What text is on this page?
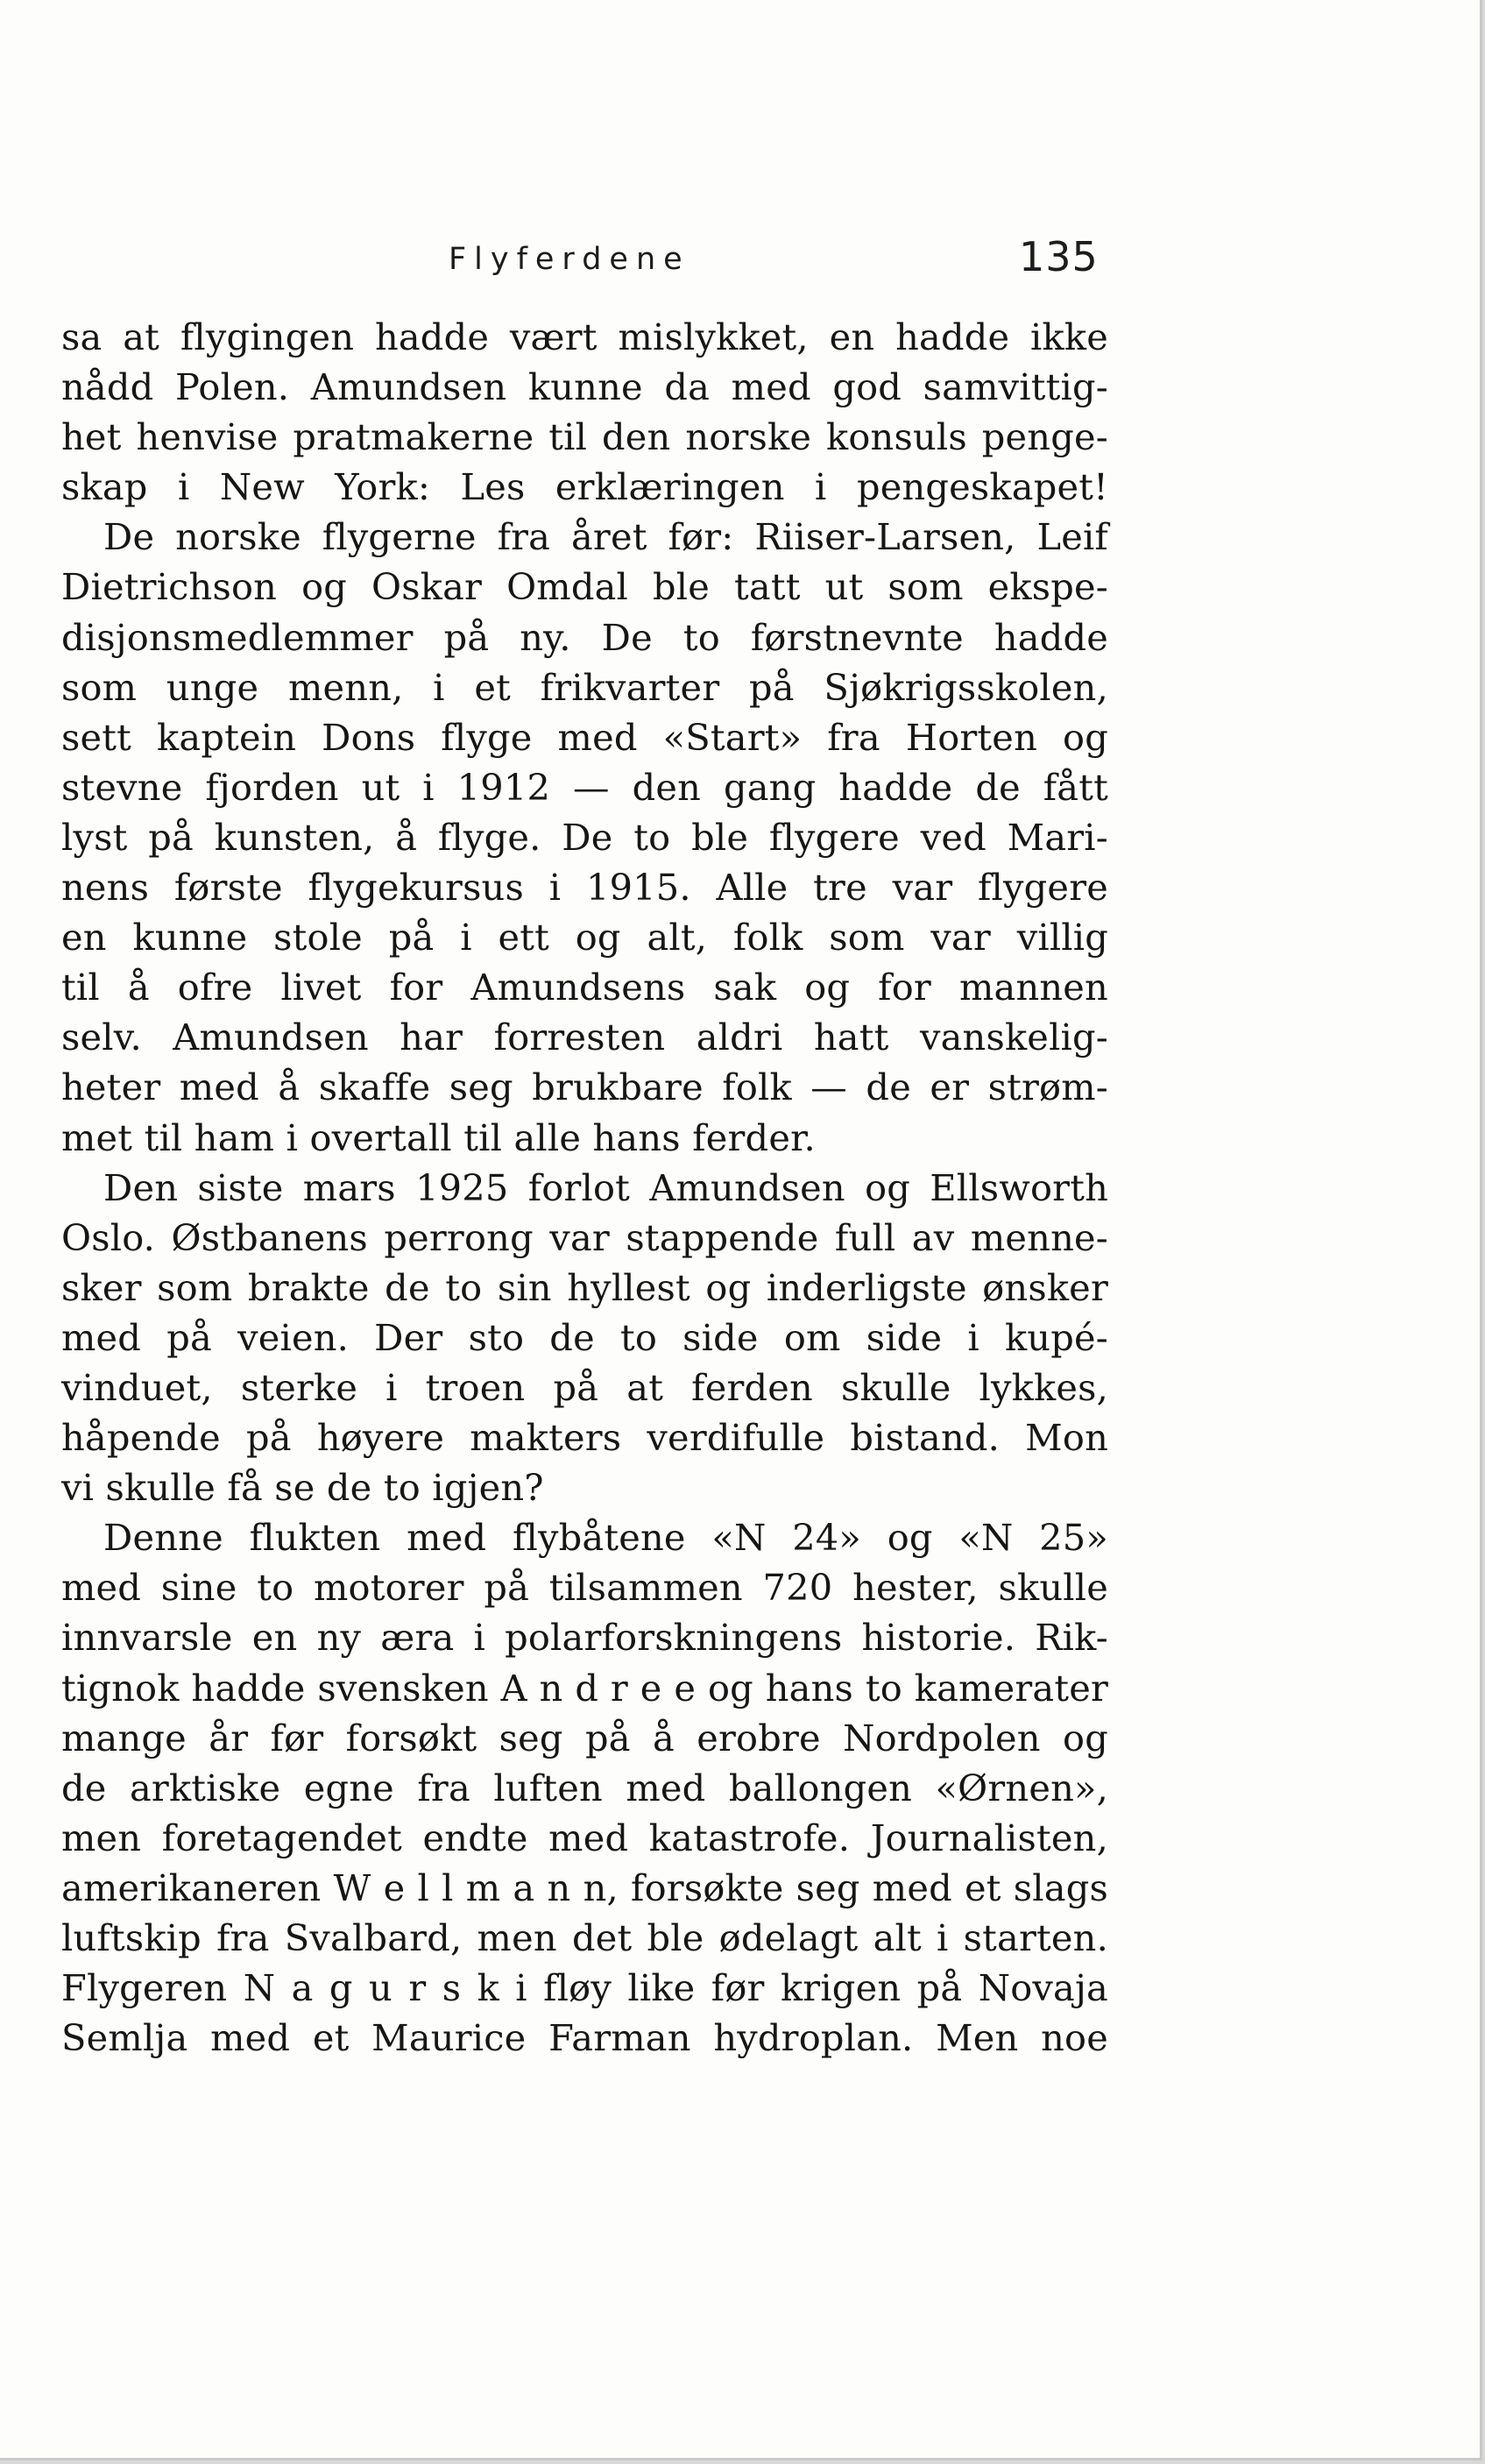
Flyferdene	135
sa at flygingen hadde vært mislykket, en hadde ikke
nådd Polen. Amundsen kunne da med god samvittig-
het henvise pratmakerne til den norske konsuls penge-
skap i New York: Les erklæringen i pengeskapet!
De norske flygerne fra året før: Riiser-Larsen, Leif
Dietrichson og Oskar Omdal ble tatt ut som ekspe-
disjonsmedlemmer på ny. De to førstnevnte hadde
som unge menn, i et frikvarter på Sjøkrigsskolen,
sett kaptein Dons flyge med «Start» fra Horten og
stevne fjorden ut i 1912 — den gang hadde de fått
lyst på kunsten, å flyge. De to ble flygere ved Mari-
nens første flygekursus i 1915. Alle tre var flygere
en kunne stole på i ett og alt, folk som var villig
til å ofre livet for Amundsens sak og for mannen
selv. Amundsen har forresten aldri hatt vanskelig-
heter med å skaffe seg brukbare folk — de er strøm-
met til ham i overtall til alle hans ferder.
Den siste mars 1925 forlot Amundsen og Ellsworth
Oslo. Østbanens perrong var stappende full av menne-
sker som brakte de to sin hyllest og inderligste ønsker
med på veien. Der sto de to side om side i kupé-
vinduet, sterke i troen på at ferden skulle lykkes,
håpende på høyere makters verdifulle bistand. Mon
vi skulle få se de to igjen?
Denne flukten med flybåtene «N 24» og «N 25»
med sine to motorer på tilsammen 720 hester, skulle
innvarsle en ny æra i polarforskningens historie. Rik-
tignok hadde svensken A n d r e e og hans to kamerater
mange år før forsøkt seg på å erobre Nordpolen og
de arktiske egne fra luften med ballongen «Ørnen»,
men foretagendet endte med katastrofe. Journalisten,
amerikaneren W e l l m a n n, forsøkte seg med et slags
luftskip fra Svalbard, men det ble ødelagt alt i starten.
Flygeren N a g u r s k i fløy like før krigen på Novaja
Semlja med et Maurice Farman hydroplan. Men noe
